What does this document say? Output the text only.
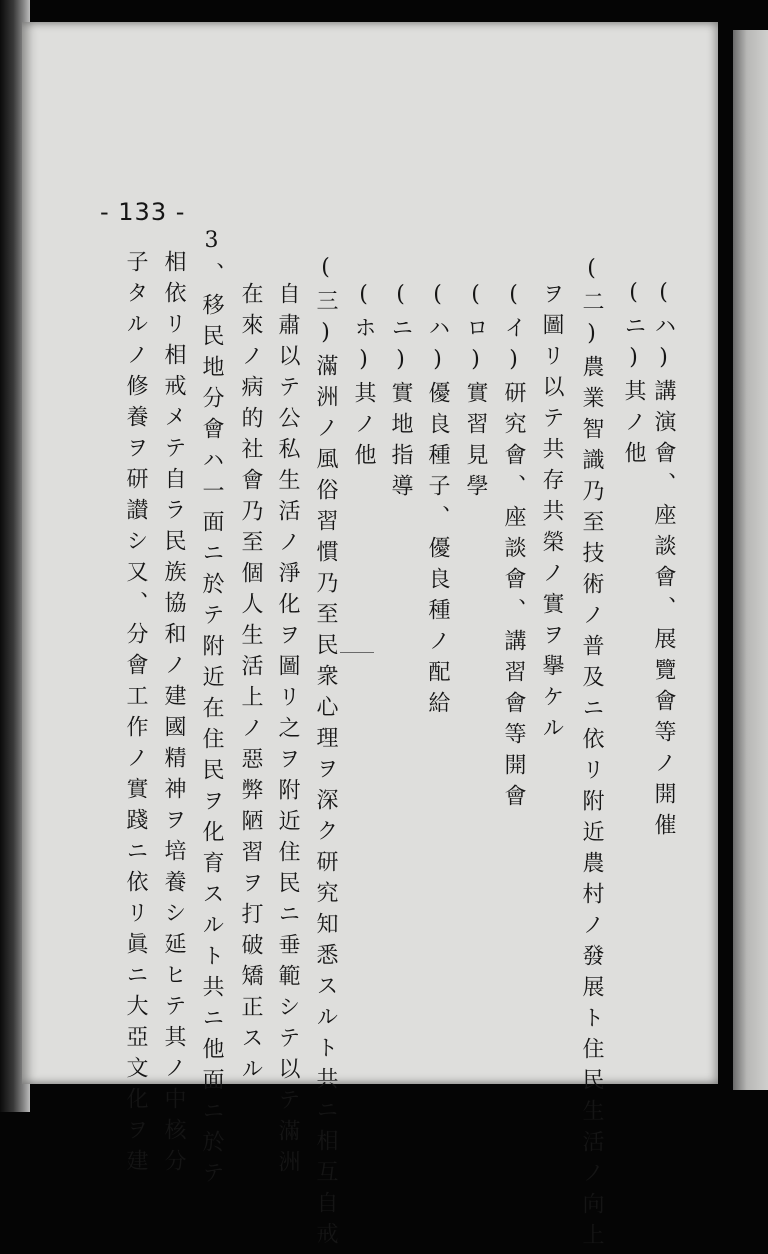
- 133 -
(ハ)講演會、座談會、展覽會等ノ開催
(ニ)其ノ他
(二)農業智識乃至技術ノ普及ニ依リ附近農村ノ發展ト住民生活ノ向上
ヲ圖リ以テ共存共榮ノ實ヲ擧ケル
(イ)研究會、座談會、講習會等開會
(ロ)實習見學
(ハ)優良種子、優良種ノ配給
(ニ)實地指導
(ホ)其ノ他
(三)滿洲ノ風俗習慣乃至民衆心理ヲ深ク研究知悉スルト共ニ相互自戒
自肅以テ公私生活ノ淨化ヲ圖リ之ヲ附近住民ニ垂範シテ以テ滿洲
在來ノ病的社會乃至個人生活上ノ惡弊陋習ヲ打破矯正スル
3、移民地分會ハ一面ニ於テ附近在住民ヲ化育スルト共ニ他面ニ於テ
相依リ相戒メテ自ラ民族協和ノ建國精神ヲ培養シ延ヒテ其ノ中核分
子タルノ修養ヲ研讃シ又、分會工作ノ實踐ニ依リ眞ニ大亞文化ヲ建
